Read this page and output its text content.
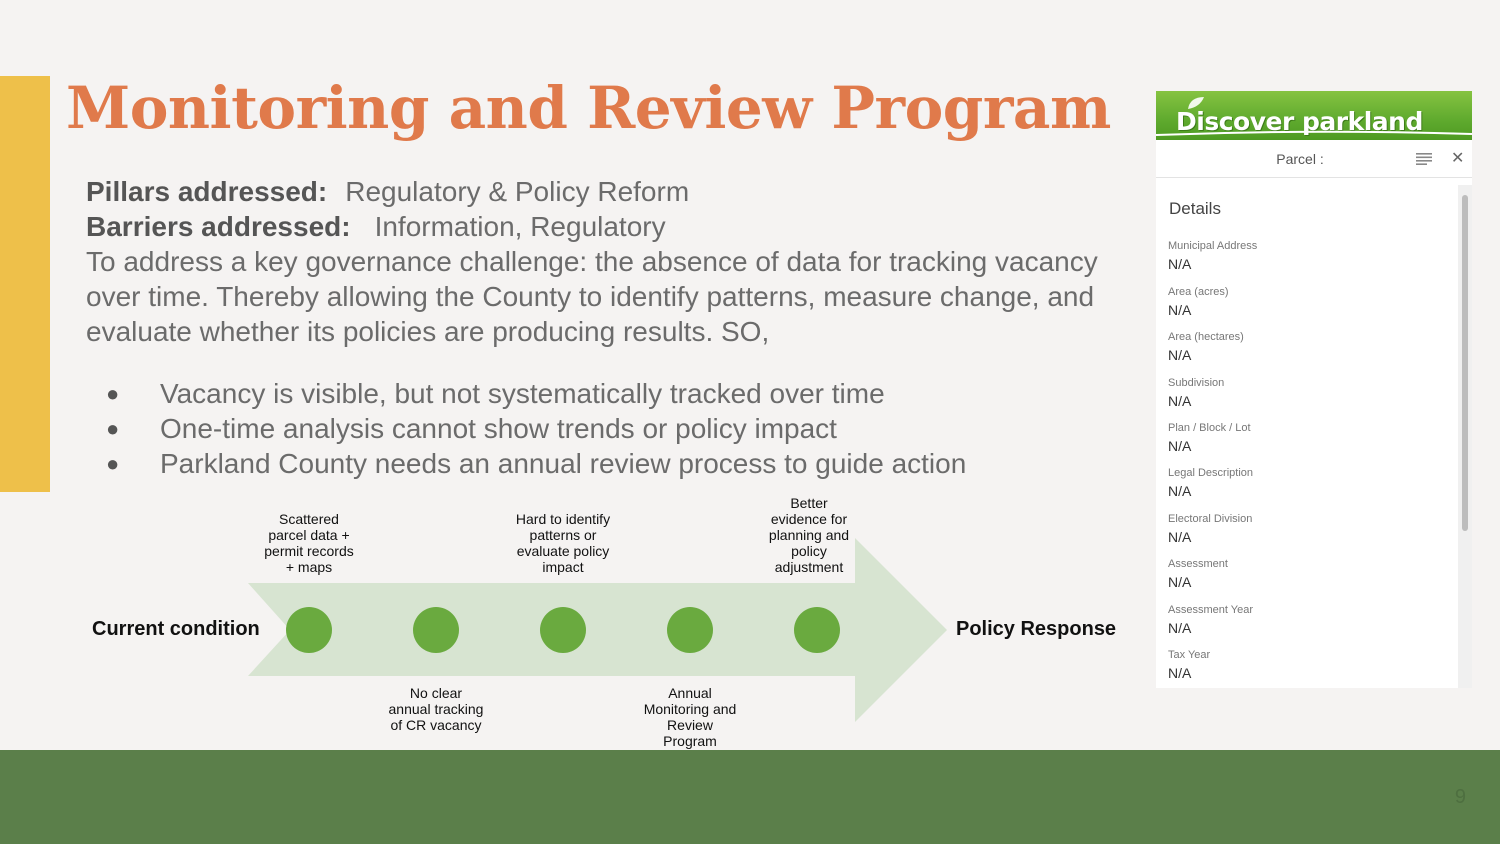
Monitoring and Review Program
Pillars addressed: Regulatory & Policy Reform
Barriers addressed: Information, Regulatory
To address a key governance challenge: the absence of data for tracking vacancy over time. Thereby allowing the County to identify patterns, measure change, and evaluate whether its policies are producing results. SO,
● Vacancy is visible, but not systematically tracked over time
● One-time analysis cannot show trends or policy impact
● Parkland County needs an annual review process to guide action
Current condition	Policy Response
Scattered
parcel data +
permit records
+ maps
Hard to identify
patterns or
evaluate policy
impact
Better
evidence for
planning and
policy
adjustment
No clear
annual tracking
of CR vacancy
Annual
Monitoring and
Review
Program
Discover parkland
Parcel :	✕
Details
Municipal Address
N/A
Area (acres)
N/A
Area (hectares)
N/A
Subdivision
N/A
Plan / Block / Lot
N/A
Legal Description
N/A
Electoral Division
N/A
Assessment
N/A
Assessment Year
N/A
Tax Year
N/A
9
